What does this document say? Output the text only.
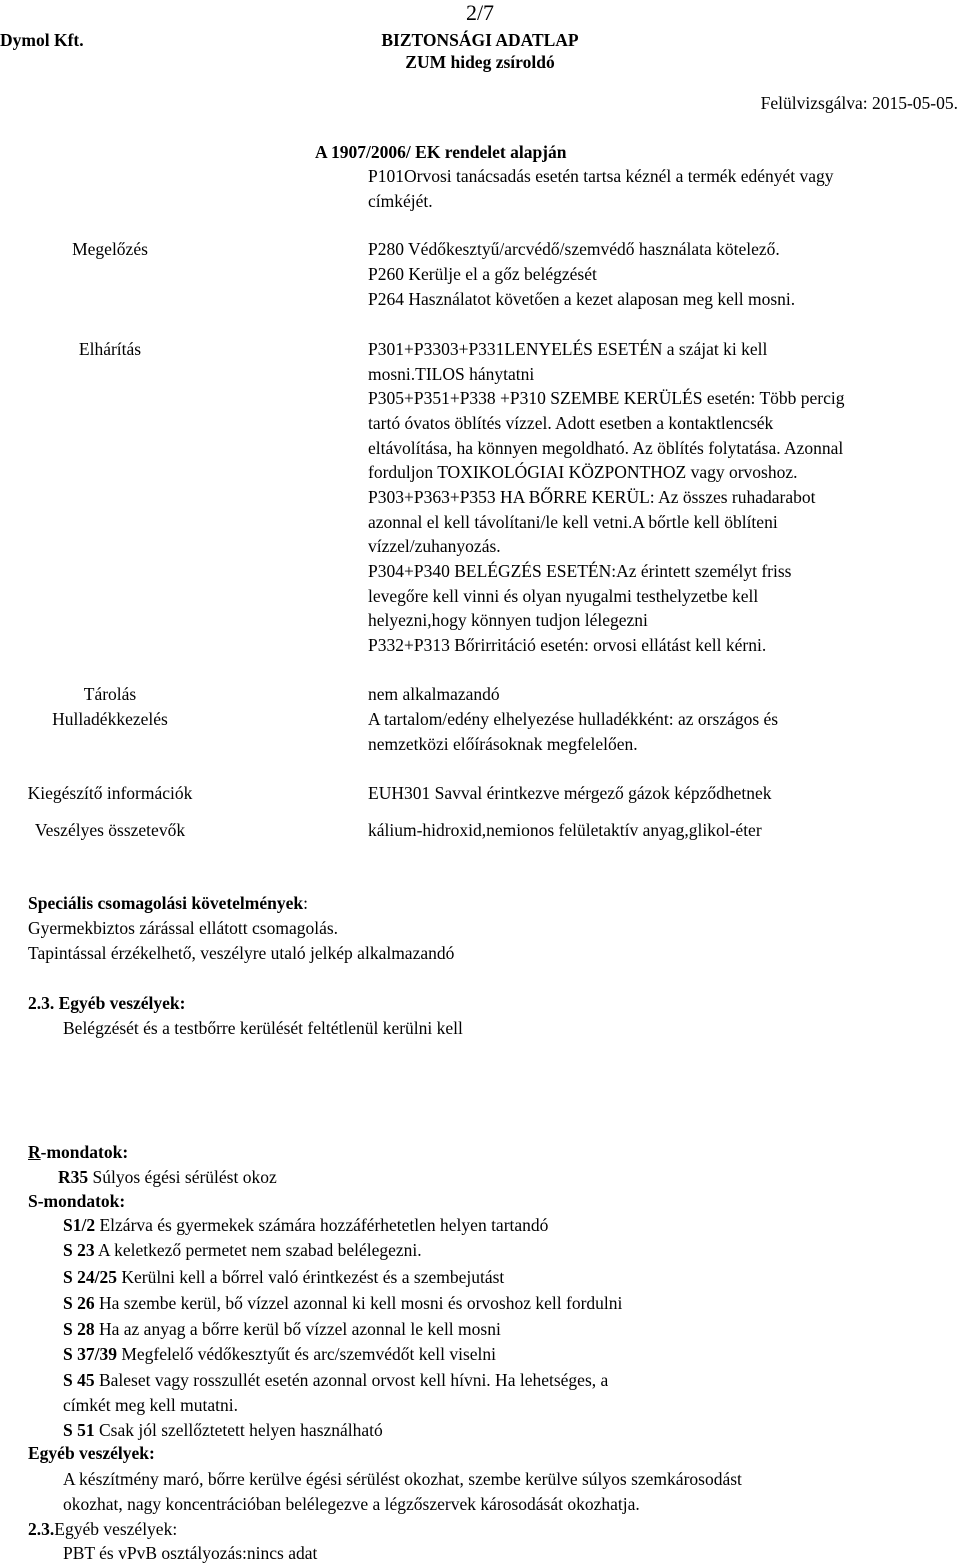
2/7
Dymol Kft.	BIZTONSÁGI ADATLAP
ZUM hideg zsíroldó
Felülvizsgálva: 2015-05-05.
A 1907/2006/ EK rendelet alapján
P101Orvosi tanácsadás esetén tartsa kéznél a termék edényét vagy
címkéjét.
Megelőzés	P280 Védőkesztyű/arcvédő/szemvédő használata kötelező.
P260 Kerülje el a gőz belégzését
P264 Használatot követően a kezet alaposan meg kell mosni.
Elhárítás	P301+P3303+P331LENYELÉS ESETÉN a szájat ki kell
mosni.TILOS hánytatni
P305+P351+P338 +P310 SZEMBE KERÜLÉS esetén: Több percig
tartó óvatos öblítés vízzel. Adott esetben a kontaktlencsék
eltávolítása, ha könnyen megoldható. Az öblítés folytatása. Azonnal
forduljon TOXIKOLÓGIAI KÖZPONTHOZ vagy orvoshoz.
P303+P363+P353 HA BŐRRE KERÜL: Az összes ruhadarabot
azonnal el kell távolítani/le kell vetni.A bőrtle kell öblíteni
vízzel/zuhanyozás.
P304+P340 BELÉGZÉS ESETÉN:Az érintett személyt friss
levegőre kell vinni és olyan nyugalmi testhelyzetbe kell
helyezni,hogy könnyen tudjon lélegezni
P332+P313 Bőrirritáció esetén: orvosi ellátást kell kérni.
Tárolás	nem alkalmazandó
Hulladékkezelés	A tartalom/edény elhelyezése hulladékként: az országos és
nemzetközi előírásoknak megfelelően.
Kiegészítő információk	EUH301 Savval érintkezve mérgező gázok képződhetnek
Veszélyes összetevők	kálium-hidroxid,nemionos felületaktív anyag,glikol-éter
Speciális csomagolási követelmények:
Gyermekbiztos zárással ellátott csomagolás.
Tapintással érzékelhető, veszélyre utaló jelkép alkalmazandó
2.3. Egyéb veszélyek:
Belégzését és a testbőrre kerülését feltétlenül kerülni kell
R-mondatok:
R35 Súlyos égési sérülést okoz
S-mondatok:
S1/2 Elzárva és gyermekek számára hozzáférhetetlen helyen tartandó
S 23 A keletkező permetet nem szabad belélegezni.
S 24/25 Kerülni kell a bőrrel való érintkezést és a szembejutást
S 26 Ha szembe kerül, bő vízzel azonnal ki kell mosni és orvoshoz kell fordulni
S 28 Ha az anyag a bőrre kerül bő vízzel azonnal le kell mosni
S 37/39 Megfelelő védőkesztyűt és arc/szemvédőt kell viselni
S 45 Baleset vagy rosszullét esetén azonnal orvost kell hívni. Ha lehetséges, a
címkét meg kell mutatni.
S 51 Csak jól szellőztetett helyen használható
Egyéb veszélyek:
A készítmény maró, bőrre kerülve égési sérülést okozhat, szembe kerülve súlyos szemkárosodást
okozhat, nagy koncentrációban belélegezve a légzőszervek károsodását okozhatja.
2.3.Egyéb veszélyek:
PBT és vPvB osztályozás:nincs adat
